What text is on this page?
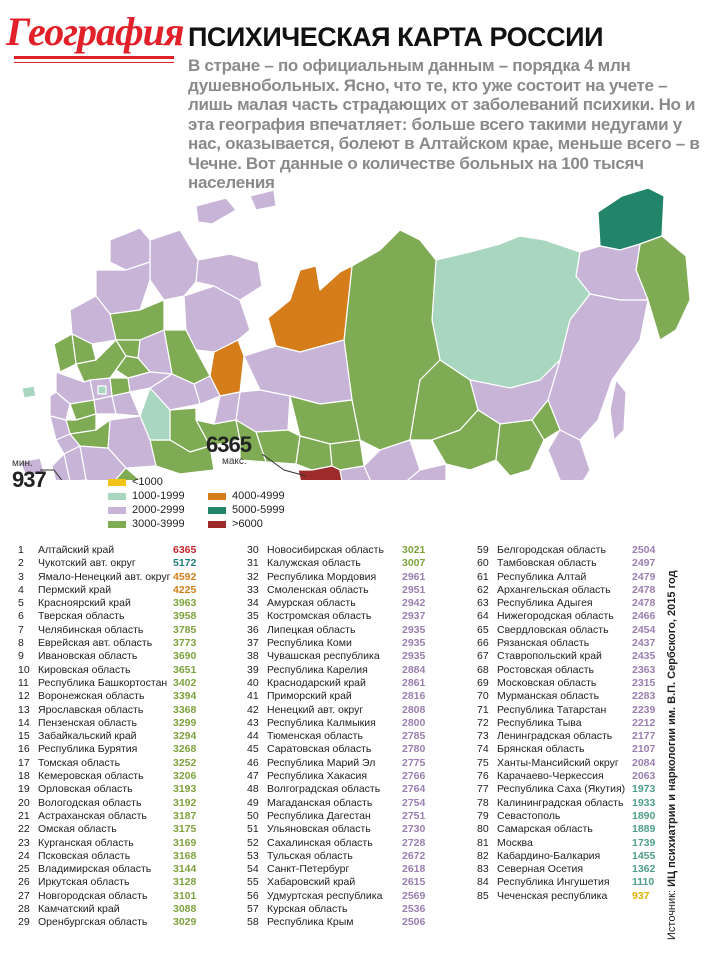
География ПСИХИЧЕСКАЯ КАРТА РОССИИ
В стране – по официальным данным – порядка 4 млн душевнобольных. Ясно, что те, кто уже состоит на учете – лишь малая часть страдающих от заболеваний психики. Но и эта география впечатляет: больше всего такими недугами у нас, оказывается, болеют в Алтайском крае, меньше всего – в Чечне. Вот данные о количестве больных на 100 тысяч населения
6365
макс.
мин.
937	<1000
1000-1999
2000-2999
3000-3999
4000-4999
5000-5999
>6000
1 Алтайский край	6365
2 Чукотский авт. округ	5172
3 Ямало-Ненецкий авт. округ 4592
4 Пермский край	4225
5 Красноярский край	3963
6 Тверская область	3958
7 Челябинская область	3785
8 Еврейская авт. область 3773
9 Ивановская область	3690
10 Кировская область	3651
11 Республика Башкортостан 3402
12 Воронежская область	3394
13 Ярославская область	3368
14 Пензенская область	3299
15 Забайкальский край	3294
16 Республика Бурятия	3268
17 Томская область	3252
18 Кемеровская область	3206
19 Орловская область	3193
20 Вологодская область	3192
21 Астраханская область 3187
22 Омская область	3175
23 Курганская область	3169
24 Псковская область	3168
25 Владимирская область 3144
26 Иркутская область	3128
27 Новгородская область 3101
28 Камчатский край	3088
29 Оренбургская область 3029
30 Новосибирская область 3021
31 Калужская область	3007
32 Республика Мордовия 2961
33 Смоленская область	2951
34 Амурская область	2942
35 Костромская область	2937
36 Липецкая область	2935
37 Республика Коми	2935
38 Чувашская республика 2935
39 Республика Карелия	2884
40 Краснодарский край	2861
41 Приморский край	2816
42 Ненецкий авт. округ	2808
43 Республика Калмыкия 2800
44 Тюменская область	2785
45 Саратовская область	2780
46 Республика Марий Эл	2775
47 Республика Хакасия	2766
48 Волгоградская область 2764
49 Магаданская область	2754
50 Республика Дагестан	2751
51 Ульяновская область	2730
52 Сахалинская область	2728
53 Тульская область	2672
54 Санкт-Петербург	2618
55 Хабаровский край	2615
56 Удмуртская республика 2569
57 Курская область	2536
58 Республика Крым	2506
59 Белгородская область 2504
60 Тамбовская область	2497
61 Республика Алтай	2479
62 Архангельская область 2478
63 Республика Адыгея	2478
64 Нижегородская область 2466
65 Свердловская область 2454
66 Рязанская область	2437
67 Ставропольский край	2435
68 Ростовская область	2363
69 Московская область	2315
70 Мурманская область	2283
71 Республика Татарстан 2239
72 Республика Тыва	2212
73 Ленинградская область 2177
74 Брянская область	2107
75 Ханты-Мансийский округ 2084
76 Карачаево-Черкессия	2063
77 Республика Саха (Якутия) 1973
78 Калининградская область 1933
79 Севастополь	1890
80 Самарская область	1889
81 Москва	1739
82 Кабардино-Балкария	1455
83 Северная Осетия	1362
84 Республика Ингушетия 1110
85 Чеченская республика 937 Источник: ИЦ психиатрии и наркологии им. В.П. Сербского, 2015 год
